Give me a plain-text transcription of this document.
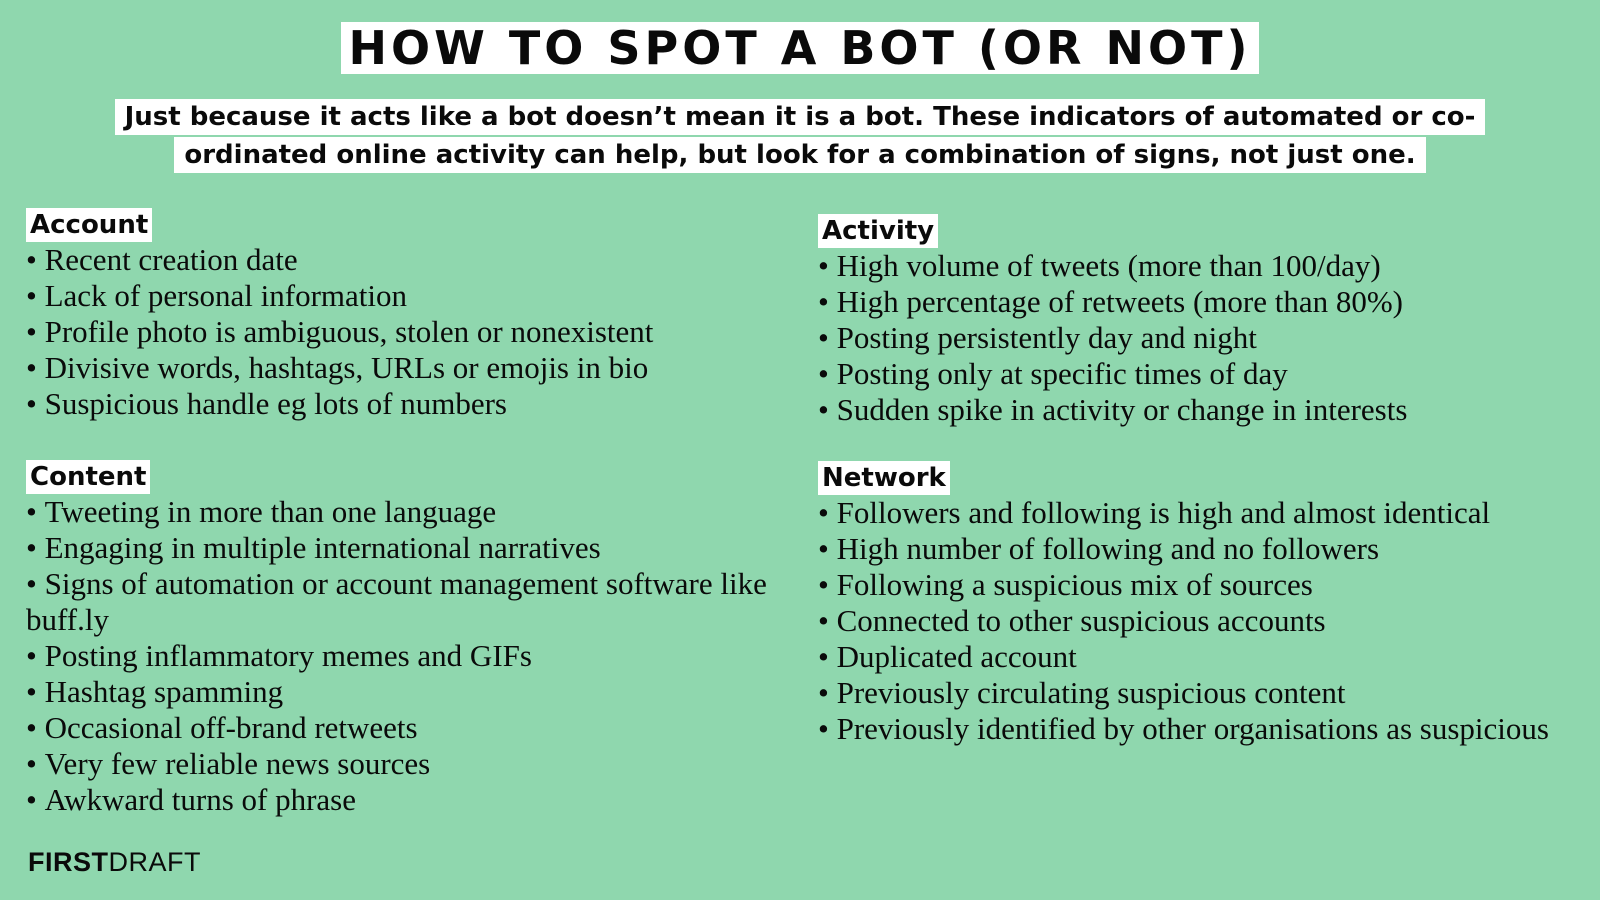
HOW TO SPOT A BOT (OR NOT)
Just because it acts like a bot doesn’t mean it is a bot. These indicators of automated or co-ordinated online activity can help, but look for a combination of signs, not just one.
Account
• Recent creation date
• Lack of personal information
• Profile photo is ambiguous, stolen or nonexistent
• Divisive words, hashtags, URLs or emojis in bio
• Suspicious handle eg lots of numbers
Content
• Tweeting in more than one language
• Engaging in multiple international narratives
• Signs of automation or account management software like buff.ly
• Posting inflammatory memes and GIFs
• Hashtag spamming
• Occasional off-brand retweets
• Very few reliable news sources
• Awkward turns of phrase
Activity
• High volume of tweets (more than 100/day)
• High percentage of retweets (more than 80%)
• Posting persistently day and night
• Posting only at specific times of day
• Sudden spike in activity or change in interests
Network
• Followers and following is high and almost identical
• High number of following and no followers
• Following a suspicious mix of sources
• Connected to other suspicious accounts
• Duplicated account
• Previously circulating suspicious content
• Previously identified by other organisations as suspicious
FIRSTDRAFT
